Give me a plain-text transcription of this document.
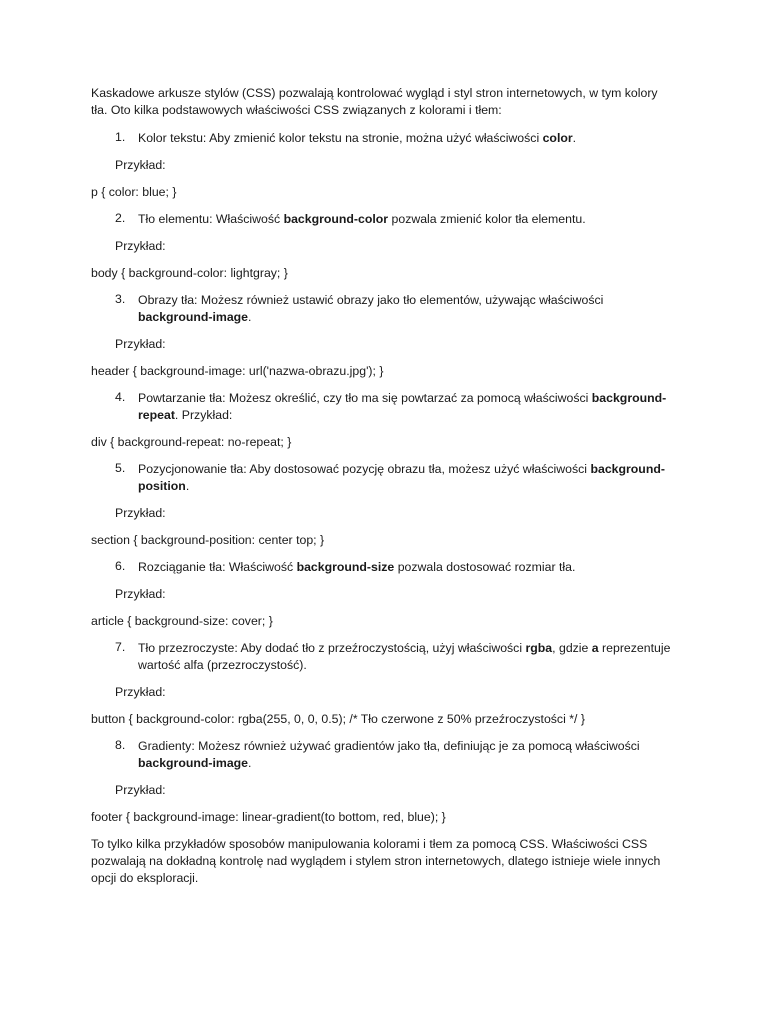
Kaskadowe arkusze stylów (CSS) pozwalają kontrolować wygląd i styl stron internetowych, w tym kolory tła. Oto kilka podstawowych właściwości CSS związanych z kolorami i tłem:

1.	Kolor tekstu: Aby zmienić kolor tekstu na stronie, można użyć właściwości color.

Przykład:

p { color: blue; }

2.	Tło elementu: Właściwość background-color pozwala zmienić kolor tła elementu.

Przykład:

body { background-color: lightgray; }

3.	Obrazy tła: Możesz również ustawić obrazy jako tło elementów, używając właściwości background-image.

Przykład:

header { background-image: url('nazwa-obrazu.jpg'); }

4.	Powtarzanie tła: Możesz określić, czy tło ma się powtarzać za pomocą właściwości background-repeat. Przykład:

div { background-repeat: no-repeat; }

5.	Pozycjonowanie tła: Aby dostosować pozycję obrazu tła, możesz użyć właściwości background-position.

Przykład:

section { background-position: center top; }

6.	Rozciąganie tła: Właściwość background-size pozwala dostosować rozmiar tła.

Przykład:

article { background-size: cover; }

7.	Tło przezroczyste: Aby dodać tło z przeźroczystością, użyj właściwości rgba, gdzie a reprezentuje wartość alfa (przezroczystość).

Przykład:

button { background-color: rgba(255, 0, 0, 0.5); /* Tło czerwone z 50% przeźroczystości */ }

8.	Gradienty: Możesz również używać gradientów jako tła, definiując je za pomocą właściwości background-image.

Przykład:

footer { background-image: linear-gradient(to bottom, red, blue); }

To tylko kilka przykładów sposobów manipulowania kolorami i tłem za pomocą CSS. Właściwości CSS pozwalają na dokładną kontrolę nad wyglądem i stylem stron internetowych, dlatego istnieje wiele innych opcji do eksploracji.
